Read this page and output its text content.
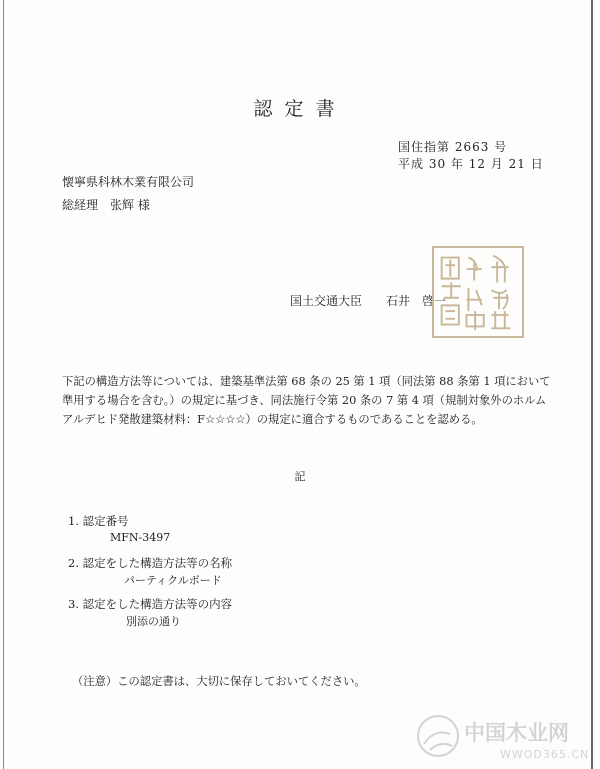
認定書
国住指第 2663 号
平成 30 年 12 月 21 日
懐寧県科林木業有限公司
総経理　张辉 様
国土交通大臣　　石井　啓一
下記の構造方法等については、建築基準法第 68 条の 25 第 1 項（同法第 88 条第 1 項において準用する場合を含む。）の規定に基づき、同法施行令第 20 条の 7 第 4 項（規制対象外のホルムアルデヒド発散建築材料：F☆☆☆☆）の規定に適合するものであることを認める。
記
1. 認定番号
MFN-3497
2. 認定をした構造方法等の名称
パーティクルボード
3. 認定をした構造方法等の内容
別添の通り
（注意）この認定書は、大切に保存しておいてください。
中国木业网
WWOD365.CN
